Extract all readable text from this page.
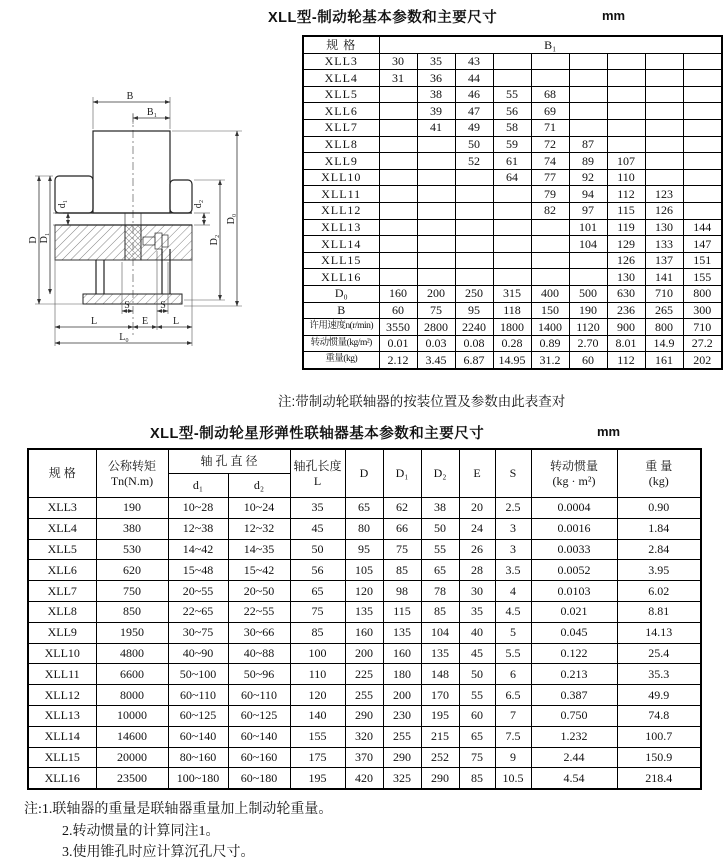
XLL型-制动轮基本参数和主要尺寸	mm
B
B₁
D D₁
d₁	d₂
D₂
D₀
S	S
L	E L
L₀
规 格	B₁								
XLL3	30	35	43						
XLL4	31	36	44						
XLL5		38	46	55	68				
XLL6		39	47	56	69				
XLL7		41	49	58	71				
XLL8			50	59	72	87			
XLL9			52	61	74	89	107		
XLL10				64	77	92	110		
XLL11					79	94	112	123	
XLL12					82	97	115	126	
XLL13						101	119	130	144
XLL14						104	129	133	147
XLL15							126	137	151
XLL16							130	141	155
D₀	160	200	250	315	400	500	630	710	800
B	60	75	95	118	150	190	236	265	300
许用速度n(r/min)	3550	2800	2240	1800	1400	1120	900	800	710
转动惯量(kg/m²)	0.01	0.03	0.08	0.28	0.89	2.70	8.01	14.9	27.2
重量(kg)	2.12	3.45	6.87	14.95	31.2	60	112	161	202
注:带制动轮联轴器的按装位置及参数由此表查对
XLL型-制动轮星形弹性联轴器基本参数和主要尺寸	mm
规 格	
公称转矩
Tn(N.m)
	轴 孔 直 径	轴孔长度
L
	D	D₁	D₂	E	S	
转动惯量
(kg · m²)

重 量
(kg)

		d₁	d₂								
XLL3	190	10~28	10~24	35	65	62	38	20	2.5	0.0004	0.90
XLL4	380	12~38	12~32	45	80	66	50	24	3	0.0016	1.84
XLL5	530	14~42	14~35	50	95	75	55	26	3	0.0033	2.84
XLL6	620	15~48	15~42	56	105	85	65	28	3.5	0.0052	3.95
XLL7	750	20~55	20~50	65	120	98	78	30	4	0.0103	6.02
XLL8	850	22~65	22~55	75	135	115	85	35	4.5	0.021	8.81
XLL9	1950	30~75	30~66	85	160	135	104	40	5	0.045	14.13
XLL10	4800	40~90	40~88	100	200	160	135	45	5.5	0.122	25.4
XLL11	6600	50~100	50~96	110	225	180	148	50	6	0.213	35.3
XLL12	8000	60~110	60~110	120	255	200	170	55	6.5	0.387	49.9
XLL13	10000	60~125	60~125	140	290	230	195	60	7	0.750	74.8
XLL14	14600	60~140	60~140	155	320	255	215	65	7.5	1.232	100.7
XLL15	20000	80~160	60~160	175	370	290	252	75	9	2.44	150.9
XLL16	23500	100~180	60~180	195	420	325	290	85	10.5	4.54	218.4
注:1.联轴器的重量是联轴器重量加上制动轮重量。
2.转动惯量的计算同注1。
3.使用锥孔时应计算沉孔尺寸。
